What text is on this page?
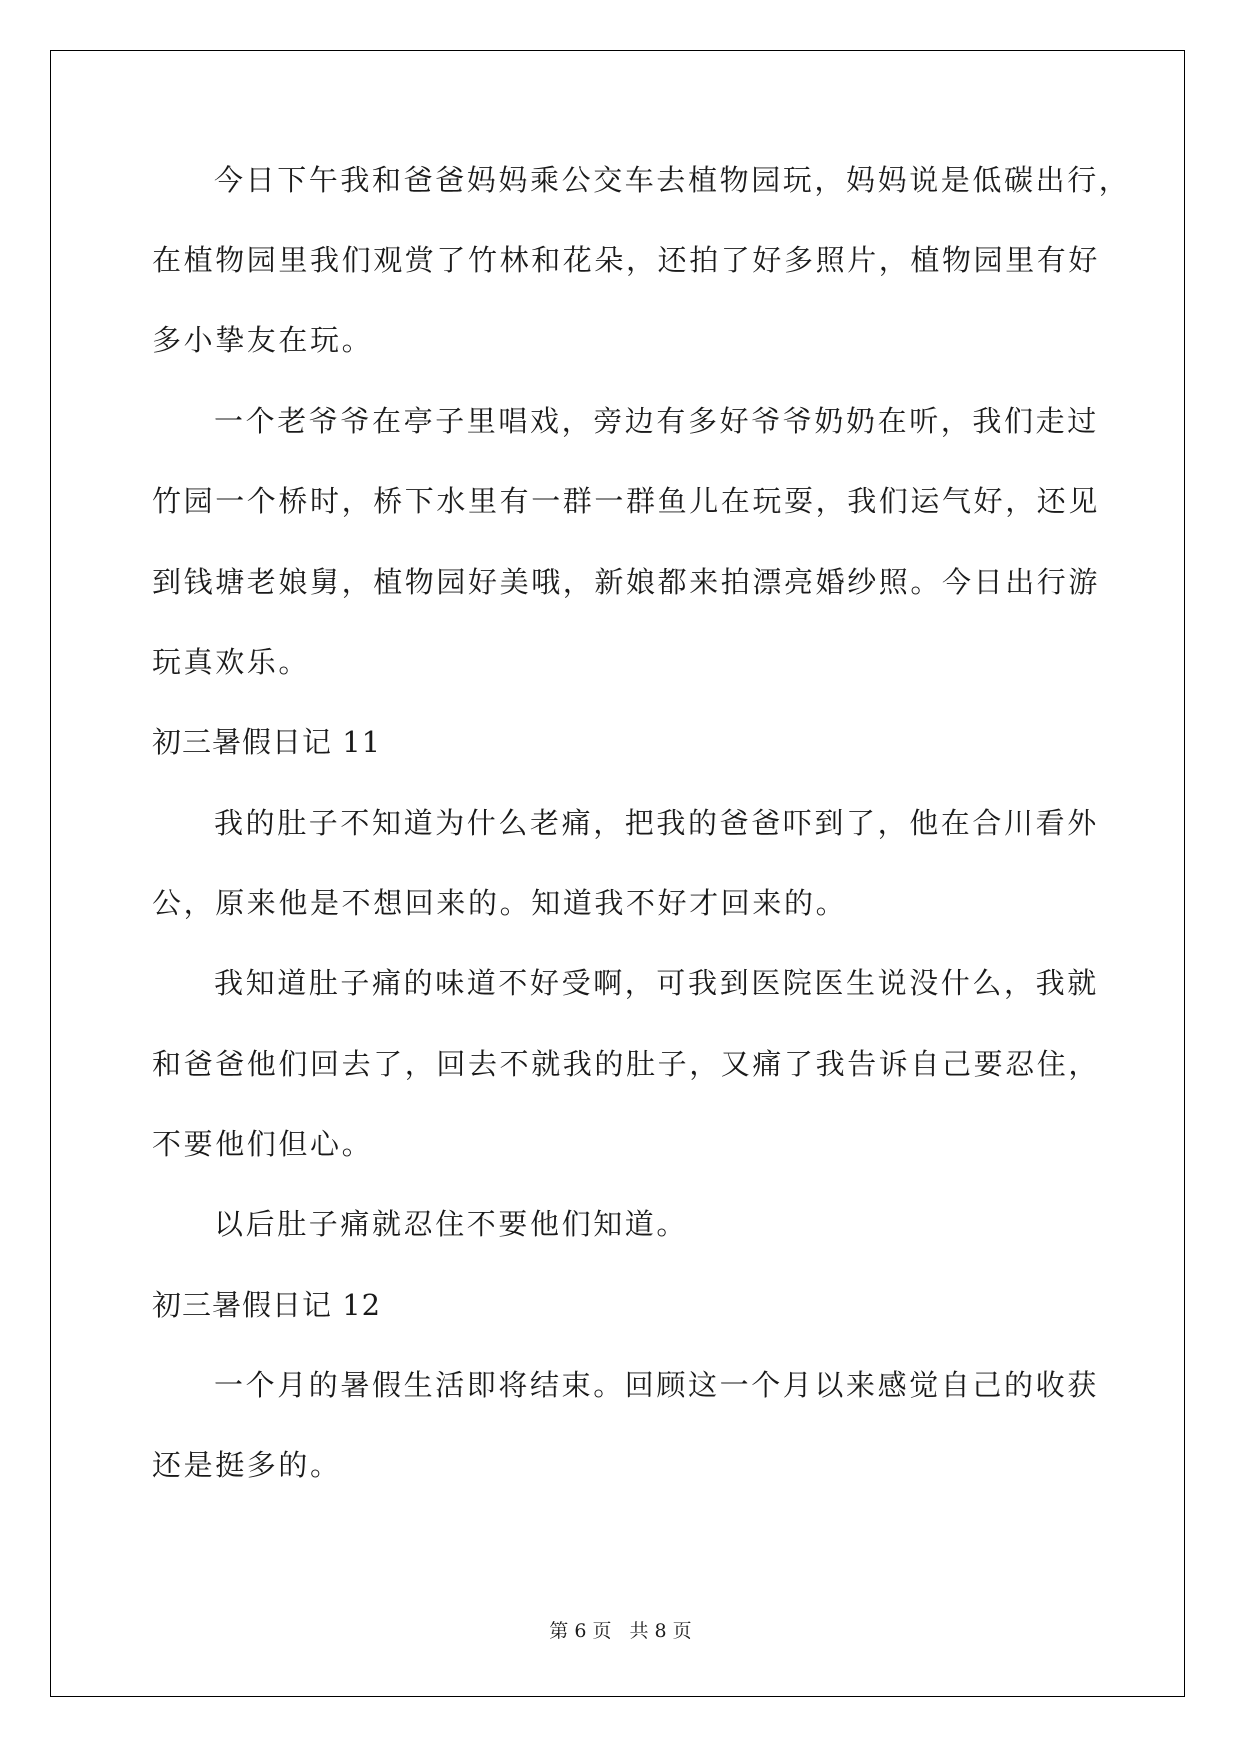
今日下午我和爸爸妈妈乘公交车去植物园玩，妈妈说是低碳出行，
在植物园里我们观赏了竹林和花朵，还拍了好多照片，植物园里有好
多小挚友在玩。
一个老爷爷在亭子里唱戏，旁边有多好爷爷奶奶在听，我们走过
竹园一个桥时，桥下水里有一群一群鱼儿在玩耍，我们运气好，还见
到钱塘老娘舅，植物园好美哦，新娘都来拍漂亮婚纱照。今日出行游
玩真欢乐。
初三暑假日记 11
我的肚子不知道为什么老痛，把我的爸爸吓到了，他在合川看外
公，原来他是不想回来的。知道我不好才回来的。
我知道肚子痛的味道不好受啊，可我到医院医生说没什么，我就
和爸爸他们回去了，回去不就我的肚子，又痛了我告诉自己要忍住，
不要他们但心。
以后肚子痛就忍住不要他们知道。
初三暑假日记 12
一个月的暑假生活即将结束。回顾这一个月以来感觉自己的收获
还是挺多的。
第 6 页 共 8 页
